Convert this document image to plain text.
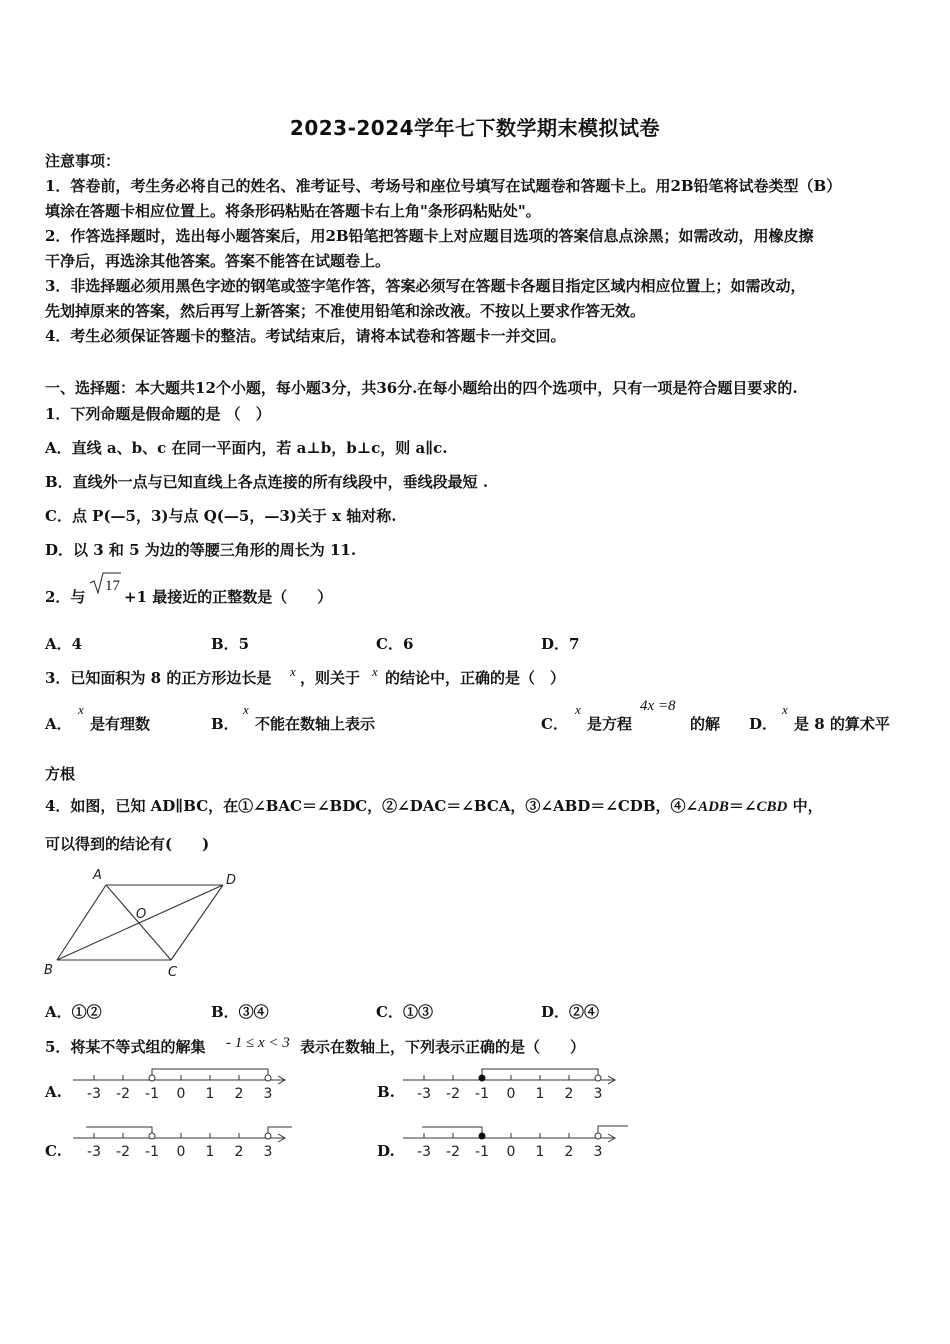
2023-2024学年七下数学期末模拟试卷
注意事项：
1．答卷前，考生务必将自己的姓名、准考证号、考场号和座位号填写在试题卷和答题卡上。用2B铅笔将试卷类型（B）
填涂在答题卡相应位置上。将条形码粘贴在答题卡右上角"条形码粘贴处"。
2．作答选择题时，选出每小题答案后，用2B铅笔把答题卡上对应题目选项的答案信息点涂黑；如需改动，用橡皮擦
干净后，再选涂其他答案。答案不能答在试题卷上。
3．非选择题必须用黑色字迹的钢笔或签字笔作答，答案必须写在答题卡各题目指定区域内相应位置上；如需改动，
先划掉原来的答案，然后再写上新答案；不准使用铅笔和涂改液。不按以上要求作答无效。
4．考生必须保证答题卡的整洁。考试结束后，请将本试卷和答题卡一并交回。
一、选择题：本大题共12个小题，每小题3分，共36分.在每小题给出的四个选项中，只有一项是符合题目要求的.
1．下列命题是假命题的是 （　）
A．直线 a、b、c 在同一平面内，若 a⊥b，b⊥c，则 a∥c.
B．直线外一点与已知直线上各点连接的所有线段中，垂线段最短 .
C．点 P(—5，3)与点 Q(—5，—3)关于 x 轴对称.
D．以 3 和 5 为边的等腰三角形的周长为 11.
2．与
17
+1 最接近的正整数是（　　）
A．4	B．5	C．6	D．7
3．已知面积为 8 的正方形边长是 x ，则关于 x 的结论中，正确的是（　）
A．
x
是有理数	B．
x
不能在数轴上表示	C．
x
是方程
4x =8
的解 D．
x
是 8 的算术平
方根
4．如图，已知 AD∥BC，在①∠BAC＝∠BDC，②∠DAC＝∠BCA，③∠ABD＝∠CDB，④∠ADB＝∠CBD 中，
可以得到的结论有(　　)
A	D
O
B	C
A．①②	B．③④	C．①③	D．②④
5．将某不等式组的解集 - 1 ≤ x < 3 表示在数轴上，下列表示正确的是（　　）
A.	B.
C.	D.
-3 -2 -1 0 1 2 3	-3 -2 -1 0 1 2 3
-3 -2 -1 0 1 2 3	-3 -2 -1 0 1 2 3
